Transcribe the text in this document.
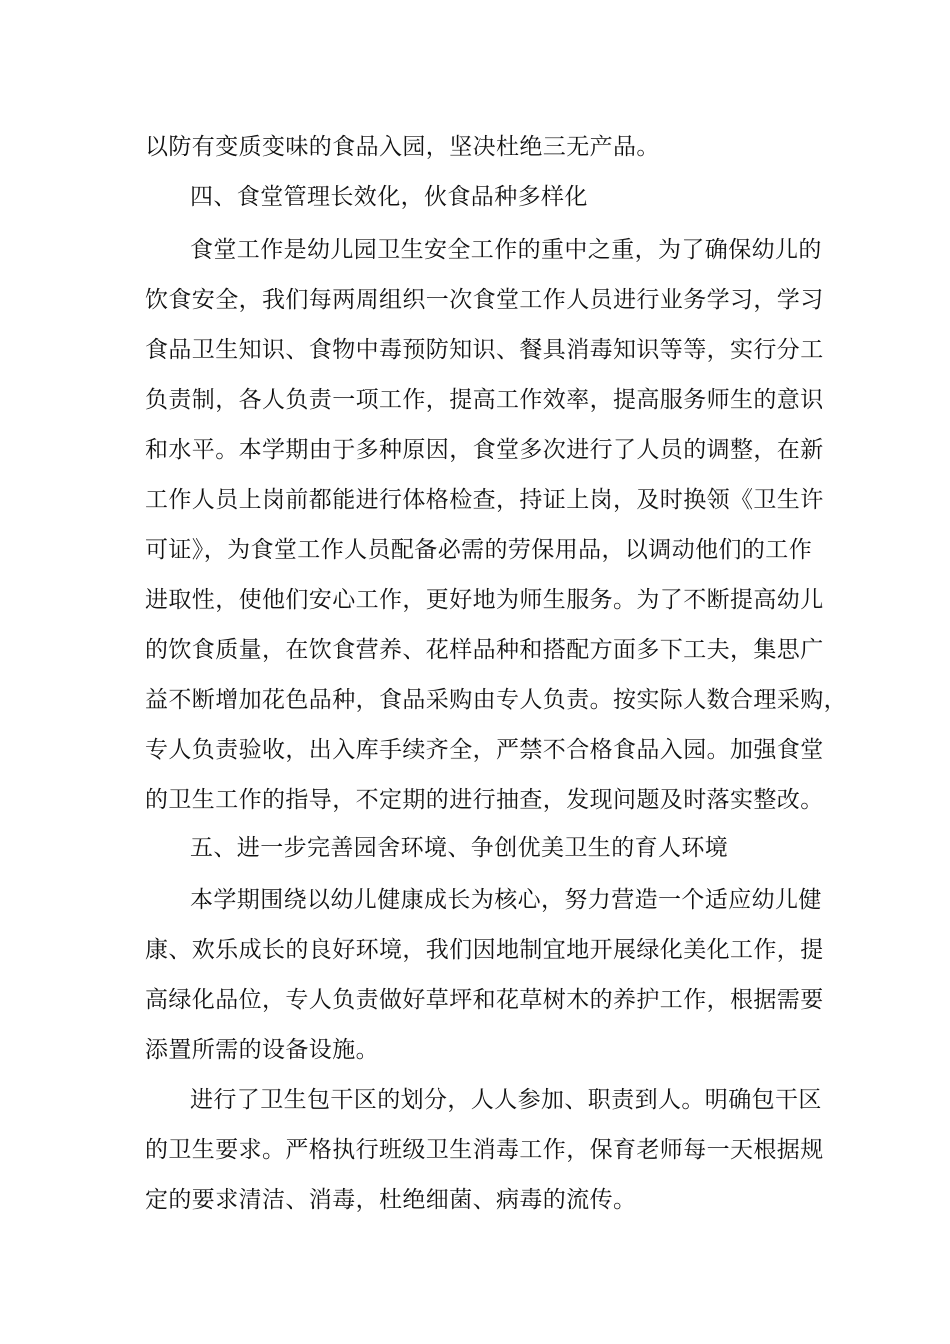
以防有变质变味的食品入园，坚决杜绝三无产品。
四、食堂管理长效化，伙食品种多样化
食堂工作是幼儿园卫生安全工作的重中之重，为了确保幼儿的
饮食安全，我们每两周组织一次食堂工作人员进行业务学习，学习
食品卫生知识、食物中毒预防知识、餐具消毒知识等等，实行分工
负责制，各人负责一项工作，提高工作效率，提高服务师生的意识
和水平。本学期由于多种原因，食堂多次进行了人员的调整，在新
工作人员上岗前都能进行体格检查，持证上岗，及时换领《卫生许
可证》，为食堂工作人员配备必需的劳保用品，以调动他们的工作
进取性，使他们安心工作，更好地为师生服务。为了不断提高幼儿
的饮食质量，在饮食营养、花样品种和搭配方面多下工夫，集思广
益不断增加花色品种，食品采购由专人负责。按实际人数合理采购，
专人负责验收，出入库手续齐全，严禁不合格食品入园。加强食堂
的卫生工作的指导，不定期的进行抽查，发现问题及时落实整改。
五、进一步完善园舍环境、争创优美卫生的育人环境
本学期围绕以幼儿健康成长为核心，努力营造一个适应幼儿健
康、欢乐成长的良好环境，我们因地制宜地开展绿化美化工作，提
高绿化品位，专人负责做好草坪和花草树木的养护工作，根据需要
添置所需的设备设施。
进行了卫生包干区的划分，人人参加、职责到人。明确包干区
的卫生要求。严格执行班级卫生消毒工作，保育老师每一天根据规
定的要求清洁、消毒，杜绝细菌、病毒的流传。
